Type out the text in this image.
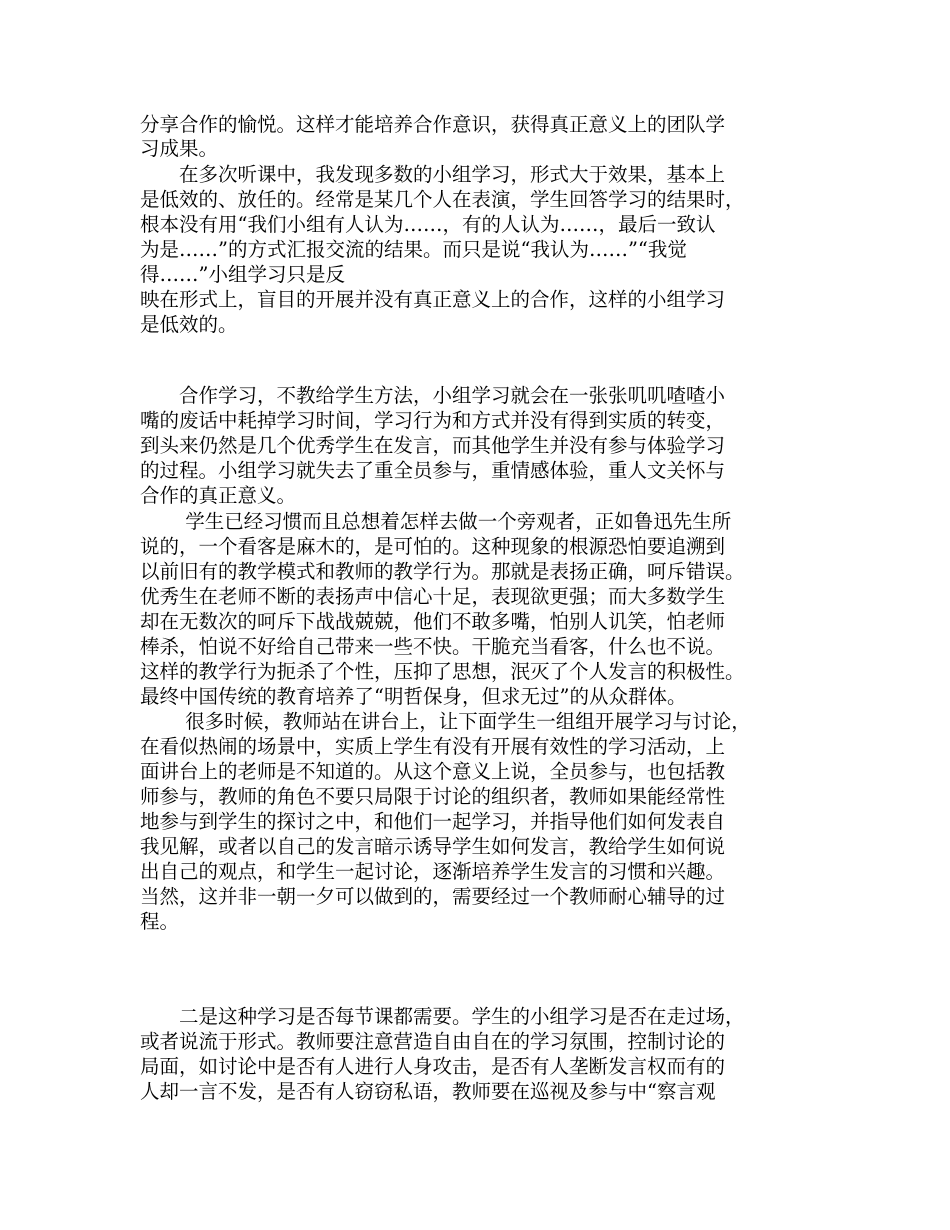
分享合作的愉悦。这样才能培养合作意识，获得真正意义上的团队学

习成果。

　　在多次听课中，我发现多数的小组学习，形式大于效果，基本上

是低效的、放任的。经常是某几个人在表演，学生回答学习的结果时，

根本没有用“我们小组有人认为……，有的人认为……，最后一致认

为是……”的方式汇报交流的结果。而只是说“我认为……”“我觉

得……”小组学习只是反

映在形式上，盲目的开展并没有真正意义上的合作，这样的小组学习

是低效的。

　　合作学习，不教给学生方法，小组学习就会在一张张叽叽喳喳小

嘴的废话中耗掉学习时间，学习行为和方式并没有得到实质的转变，

到头来仍然是几个优秀学生在发言，而其他学生并没有参与体验学习

的过程。小组学习就失去了重全员参与，重情感体验，重人文关怀与

合作的真正意义。

　　 学生已经习惯而且总想着怎样去做一个旁观者，正如鲁迅先生所

说的，一个看客是麻木的，是可怕的。这种现象的根源恐怕要追溯到

以前旧有的教学模式和教师的教学行为。那就是表扬正确，呵斥错误。

优秀生在老师不断的表扬声中信心十足，表现欲更强；而大多数学生

却在无数次的呵斥下战战兢兢，他们不敢多嘴，怕别人讥笑，怕老师

棒杀，怕说不好给自己带来一些不快。干脆充当看客，什么也不说。

这样的教学行为扼杀了个性，压抑了思想，泯灭了个人发言的积极性。

最终中国传统的教育培养了“明哲保身，但求无过”的从众群体。

　　 很多时候，教师站在讲台上，让下面学生一组组开展学习与讨论，

在看似热闹的场景中，实质上学生有没有开展有效性的学习活动，上

面讲台上的老师是不知道的。从这个意义上说，全员参与，也包括教

师参与，教师的角色不要只局限于讨论的组织者，教师如果能经常性

地参与到学生的探讨之中，和他们一起学习，并指导他们如何发表自

我见解，或者以自己的发言暗示诱导学生如何发言，教给学生如何说

出自己的观点，和学生一起讨论，逐渐培养学生发言的习惯和兴趣。

当然，这并非一朝一夕可以做到的，需要经过一个教师耐心辅导的过

程。

　　二是这种学习是否每节课都需要。学生的小组学习是否在走过场，

或者说流于形式。教师要注意营造自由自在的学习氛围，控制讨论的

局面，如讨论中是否有人进行人身攻击，是否有人垄断发言权而有的

人却一言不发，是否有人窃窃私语，教师要在巡视及参与中“察言观
